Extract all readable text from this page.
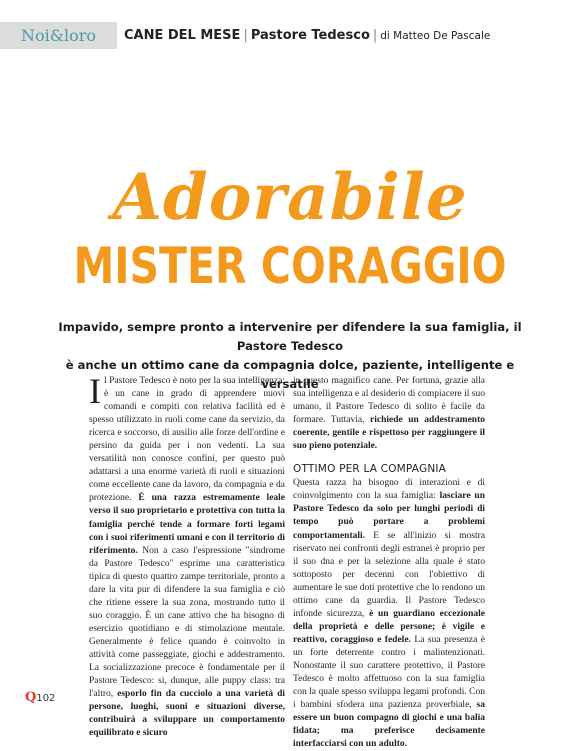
Noi&loro	CANE DEL MESE | Pastore Tedesco | di Matteo De Pascale
Adorabile
MISTER CORAGGIO
Impavido, sempre pronto a intervenire per difendere la sua famiglia, il Pastore Tedesco
è anche un ottimo cane da compagnia dolce, paziente, intelligente e versatile

Il Pastore Tedesco è noto per la sua intelligenza: è un cane in grado di apprendere nuovi comandi e compiti con relativa facilità ed è spesso utilizzato in ruoli come cane da servizio, da ricerca e soccorso, di ausilio alle forze dell'ordine e persino da guida per i non vedenti. La sua versatilità non conosce confini, per questo può adattarsi a una enorme varietà di ruoli e situazioni come eccellente cane da lavoro, da compagnia e da protezione. È una razza estremamente leale verso il suo proprietario e protettiva con tutta la famiglia perché tende a formare forti legami con i suoi riferimenti umani e con il territorio di riferimento. Non a caso l'espressione "sindrome da Pastore Tedesco" esprime una caratteristica tipica di questo quattro zampe territoriale, pronto a dare la vita pur di difendere la sua famiglia e ciò che ritiene essere la sua zona, mostrando tutto il suo coraggio. È un cane attivo che ha bisogno di esercizio quotidiano e di stimolazione mentale. Generalmente è felice quando è coinvolto in attività come passeggiate, giochi e addestramento. La socializzazione precoce è fondamentale per il Pastore Tedesco: sì, dunque, alle puppy class: tra l'altro, esporlo fin da cucciolo a una varietà di persone, luoghi, suoni e situazioni diverse, contribuirà a sviluppare un comportamento equilibrato e sicuro

in questo magnifico cane. Per fortuna, grazie alla sua intelligenza e al desiderio di compiacere il suo umano, il Pastore Tedesco di solito è facile da formare. Tuttavia, richiede un addestramento coerente, gentile e rispettoso per raggiungere il suo pieno potenziale.

OTTIMO PER LA COMPAGNIA

Questa razza ha bisogno di interazioni e di coinvolgimento con la sua famiglia: lasciare un Pastore Tedesco da solo per lunghi periodi di tempo può portare a problemi comportamentali. E se all'inizio si mostra riservato nei confronti degli estranei è proprio per il suo dna e per la selezione alla quale è stato sottoposto per decenni con l'obiettivo di aumentare le sue doti protettive che lo rendono un ottimo cane da guardia. Il Pastore Tedesco infonde sicurezza, è un guardiano eccezionale della proprietà e delle persone; è vigile e reattivo, coraggioso e fedele. La sua presenza è un forte deterrente contro i malintenzionati. Nonostante il suo carattere protettivo, il Pastore Tedesco è molto affettuoso con la sua famiglia con la quale spesso sviluppa legami profondi. Con i bambini sfodera una pazienza proverbiale, sa essere un buon compagno di giochi e una balia fidata; ma preferisce decisamente interfacciarsi con un adulto.

Q102
